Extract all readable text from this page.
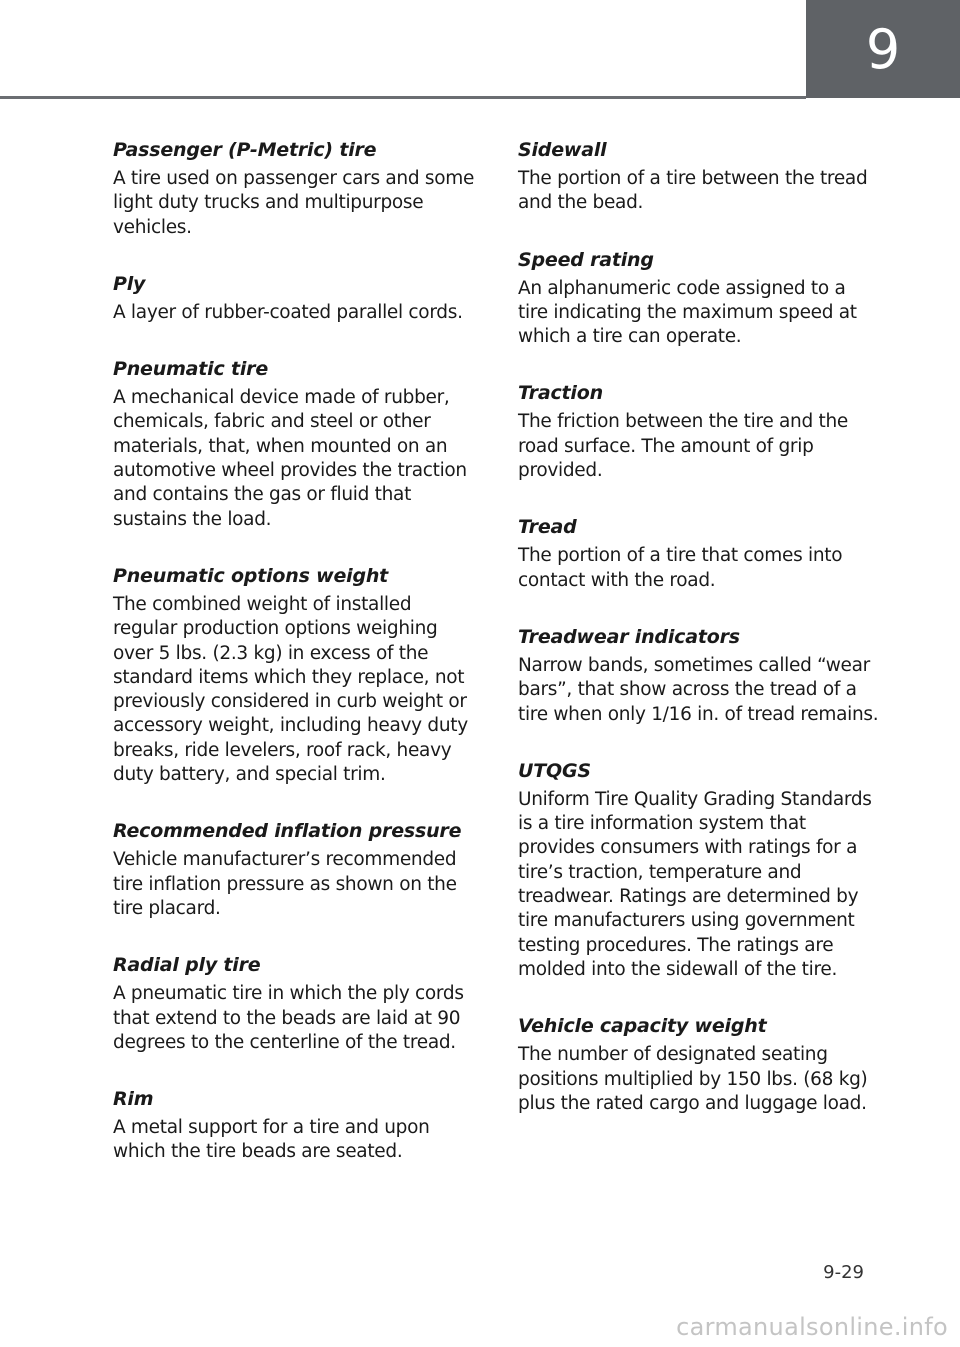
9

Passenger (P-Metric) tire

A tire used on passenger cars and some light duty trucks and multipurpose vehicles.

Ply

A layer of rubber-coated parallel cords.

Pneumatic tire

A mechanical device made of rubber, chemicals, fabric and steel or other materials, that, when mounted on an automotive wheel provides the traction and contains the gas or fluid that sustains the load.

Pneumatic options weight

The combined weight of installed regular production options weighing over 5 lbs. (2.3 kg) in excess of the standard items which they replace, not previously considered in curb weight or accessory weight, including heavy duty breaks, ride levelers, roof rack, heavy duty battery, and special trim.

Recommended inflation pressure

Vehicle manufacturer’s recommended tire inflation pressure as shown on the tire placard.

Radial ply tire

A pneumatic tire in which the ply cords that extend to the beads are laid at 90 degrees to the centerline of the tread.

Rim

A metal support for a tire and upon which the tire beads are seated.

Sidewall

The portion of a tire between the tread and the bead.

Speed rating

An alphanumeric code assigned to a tire indicating the maximum speed at which a tire can operate.

Traction

The friction between the tire and the road surface. The amount of grip provided.

Tread

The portion of a tire that comes into contact with the road.

Treadwear indicators

Narrow bands, sometimes called “wear bars”, that show across the tread of a tire when only 1/16 in. of tread remains.

UTQGS

Uniform Tire Quality Grading Standards is a tire information system that provides consumers with ratings for a tire’s traction, temperature and treadwear. Ratings are determined by tire manufacturers using government testing procedures. The ratings are molded into the sidewall of the tire.

Vehicle capacity weight

The number of designated seating positions multiplied by 150 lbs. (68 kg) plus the rated cargo and luggage load.

9-29
carmanualsonline.info
